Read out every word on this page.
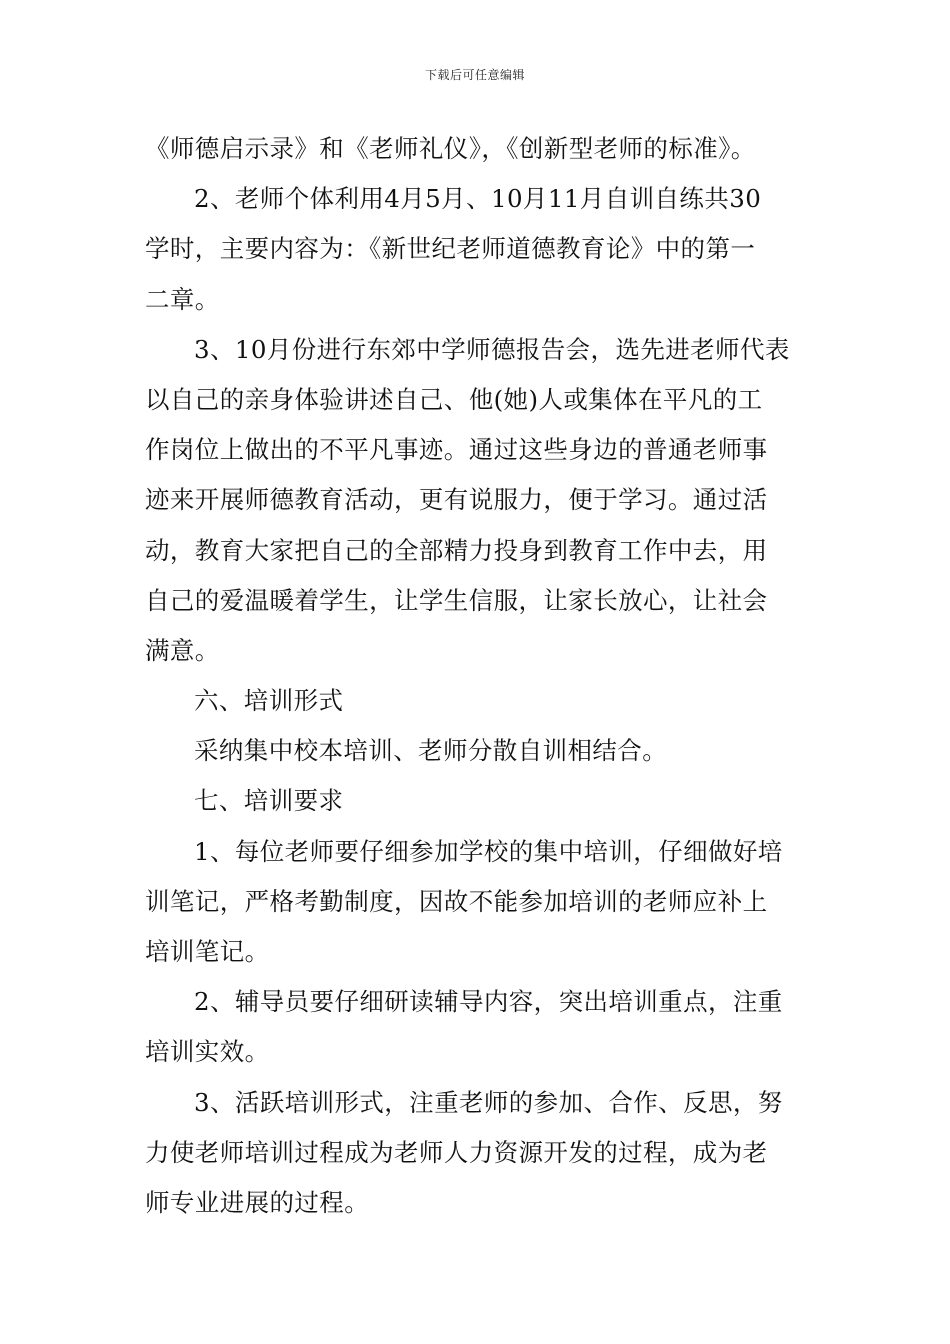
下载后可任意编辑
《师德启示录》和《老师礼仪》，《创新型老师的标准》。
2、老师个体利用4月5月、10月11月自训自练共30
学时，主要内容为：《新世纪老师道德教育论》中的第一
二章。
3、10月份进行东郊中学师德报告会，选先进老师代表
以自己的亲身体验讲述自己、他(她)人或集体在平凡的工
作岗位上做出的不平凡事迹。通过这些身边的普通老师事
迹来开展师德教育活动，更有说服力，便于学习。通过活
动，教育大家把自己的全部精力投身到教育工作中去，用
自己的爱温暖着学生，让学生信服，让家长放心，让社会
满意。
六、培训形式
采纳集中校本培训、老师分散自训相结合。
七、培训要求
1、每位老师要仔细参加学校的集中培训，仔细做好培
训笔记，严格考勤制度，因故不能参加培训的老师应补上
培训笔记。
2、辅导员要仔细研读辅导内容，突出培训重点，注重
培训实效。
3、活跃培训形式，注重老师的参加、合作、反思，努
力使老师培训过程成为老师人力资源开发的过程，成为老
师专业进展的过程。
